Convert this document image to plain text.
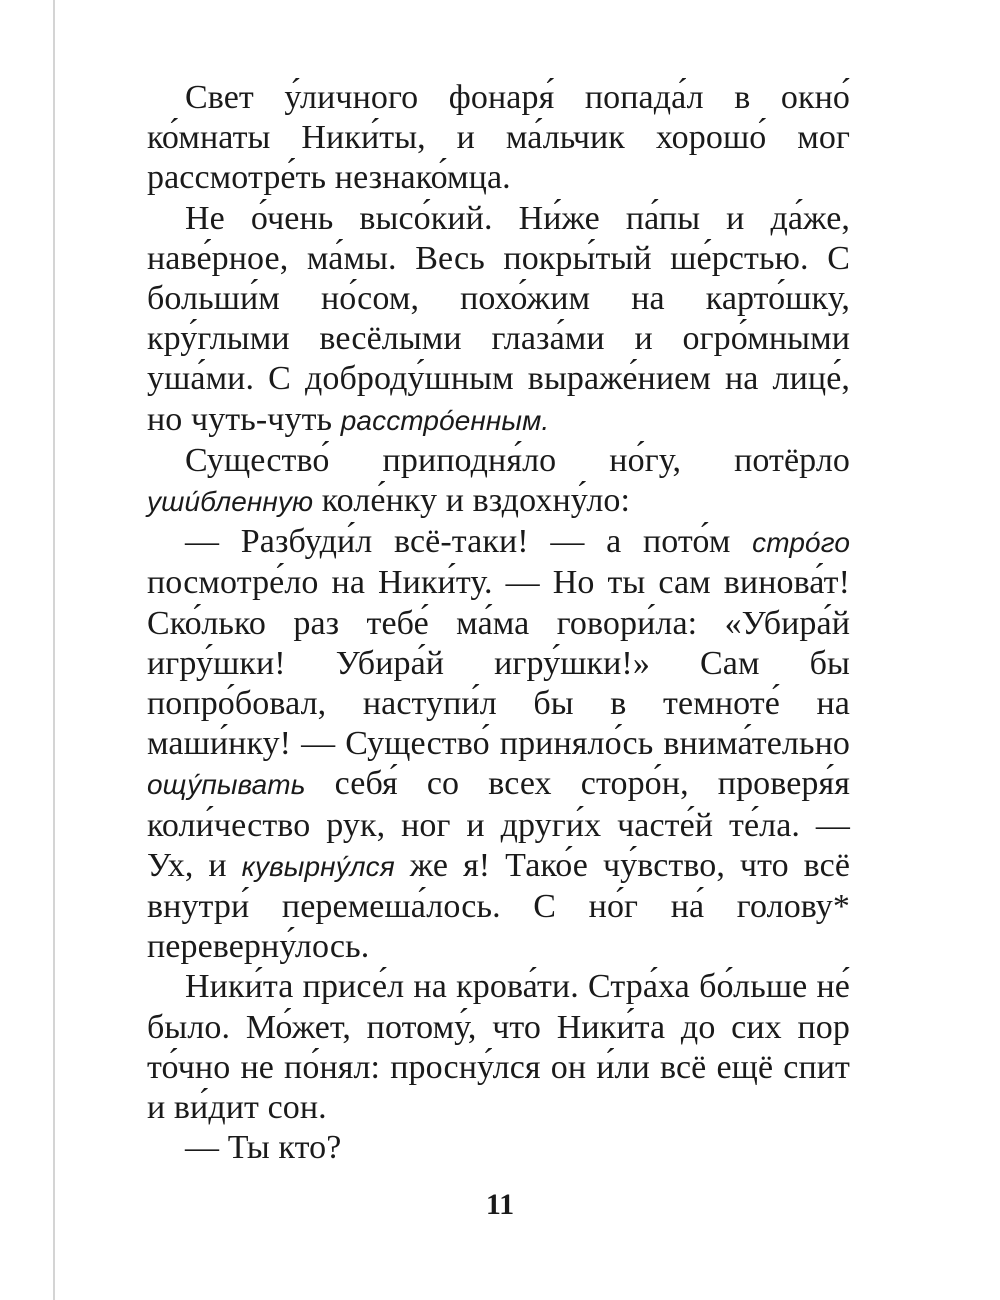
Свет у́личного фонаря́ попада́л в окно́ ко́мнаты Ники́ты, и ма́льчик хорошо́ мог рассмотре́ть незнако́мца.

Не о́чень высо́кий. Ни́же па́пы и да́же, наве́рное, ма́мы. Весь покры́тый ше́рстью. С больши́м но́сом, похо́жим на карто́шку, кру́глыми весёлыми глаза́ми и огро́мными уша́ми. С доброду́шным выраже́нием на лице́, но чуть-чуть расстро́енным.

Существо́ приподня́ло но́гу, потёрло уши́бленную коле́нку и вздохну́ло:

— Разбуди́л всё-таки! — а пото́м стро́го посмотре́ло на Ники́ту. — Но ты сам винова́т! Ско́лько раз тебе́ ма́ма говори́ла: «Убира́й игру́шки! Убира́й игру́шки!» Сам бы попро́бовал, наступи́л бы в темноте́ на маши́нку! — Существо́ приняло́сь внима́тельно ощу́пывать себя́ со всех сторо́н, проверя́я коли́чество рук, ног и други́х часте́й те́ла. — Ух, и кувырну́лся же я! Тако́е чу́вство, что всё внутри́ перемеша́лось. С но́г на́ голову* переверну́лось.

Ники́та присе́л на крова́ти. Стра́ха бо́льше не́ было. Мо́жет, потому́, что Ники́та до сих пор то́чно не по́нял: просну́лся он и́ли всё ещё спит и ви́дит сон.

— Ты кто?

11
